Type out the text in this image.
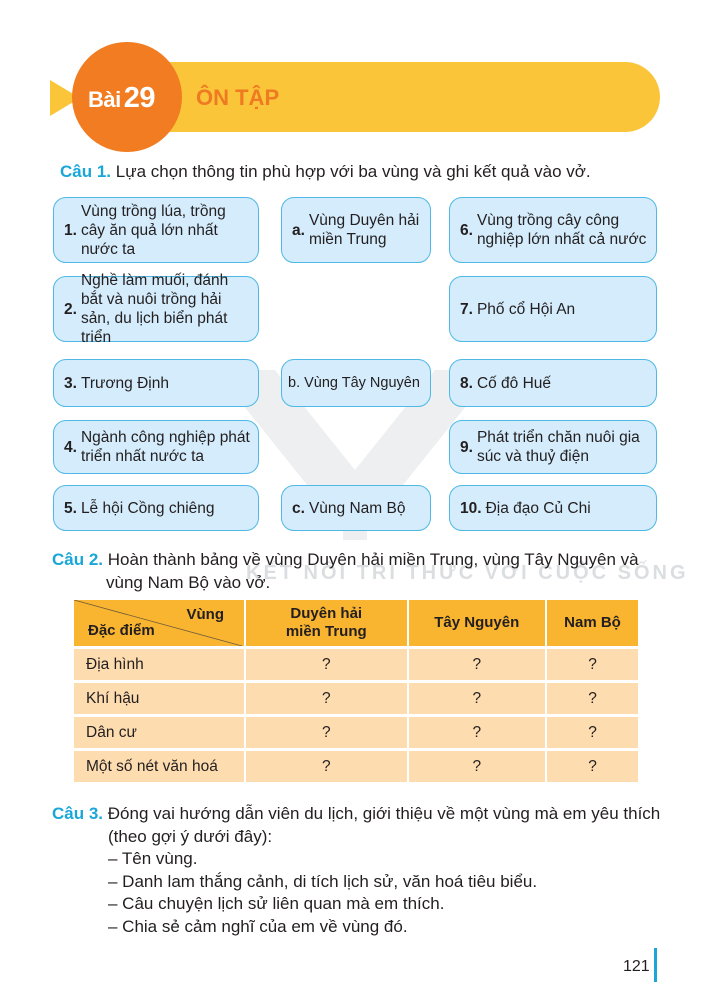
KẾT NỐI TRI THỨC VỚI CUỘC SỐNG
Bài 29 ÔN TẬP
Câu 1. Lựa chọn thông tin phù hợp với ba vùng và ghi kết quả vào vở.
1.
Vùng trồng lúa, trồng cây ăn quả lớn nhất nước ta
2.
Nghề làm muối, đánh bắt và nuôi trồng hải sản, du lịch biển phát triển
3. Trương Định
4.
Ngành công nghiệp phát triển nhất nước ta
5. Lễ hội Cồng chiêng
a.
Vùng Duyên hải miền Trung
b. Vùng Tây Nguyên
c. Vùng Nam Bộ
6.
Vùng trồng cây công nghiệp lớn nhất cả nước
7. Phố cổ Hội An
8. Cố đô Huế
9.
Phát triển chăn nuôi gia súc và thuỷ điện
10. Địa đạo Củ Chi
Câu 2. Hoàn thành bảng về vùng Duyên hải miền Trung, vùng Tây Nguyên và
vùng Nam Bộ vào vở.
Vùng
Đặc điểm	Duyên hải miền Trung	Tây Nguyên	Nam Bộ
Địa hình	?	?	?
Khí hậu	?	?	?
Dân cư	?	?	?
Một số nét văn hoá	?	?	?
Câu 3. Đóng vai hướng dẫn viên du lịch, giới thiệu về một vùng mà em yêu thích
(theo gợi ý dưới đây):
– Tên vùng.
– Danh lam thắng cảnh, di tích lịch sử, văn hoá tiêu biểu.
– Câu chuyện lịch sử liên quan mà em thích.
– Chia sẻ cảm nghĩ của em về vùng đó.
121
